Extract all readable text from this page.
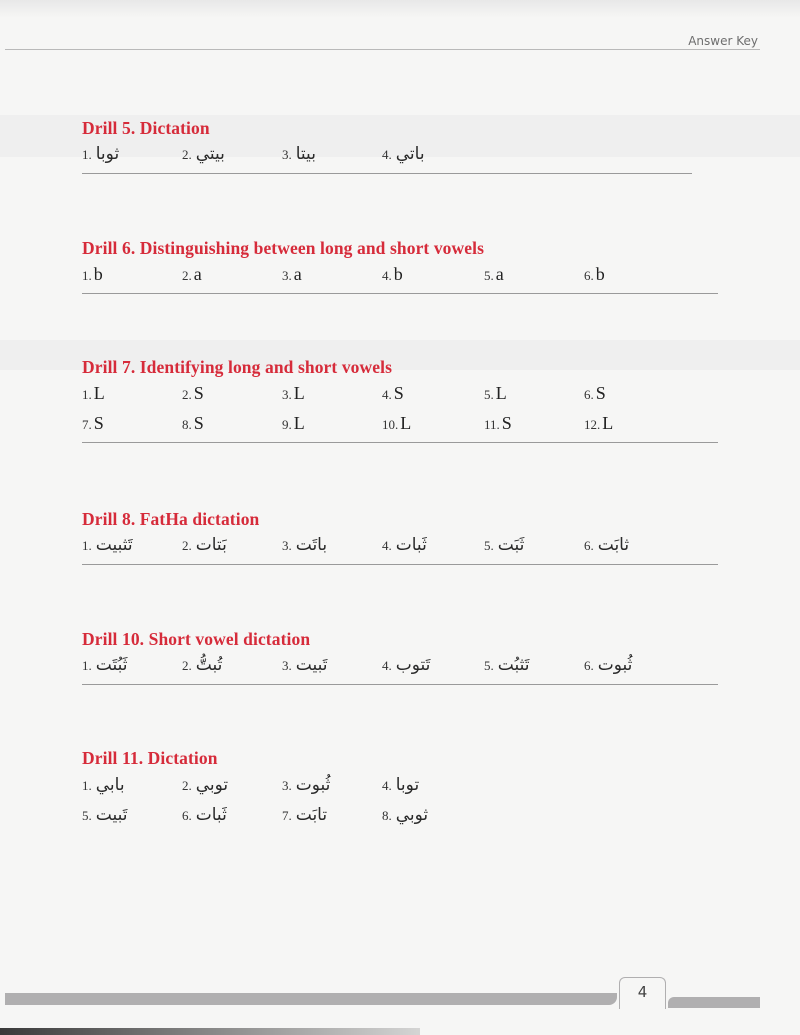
Answer Key
Drill 5. Dictation
1. ثوبا	2. بيتي	3. بيتا	4. باتي
Drill 6. Distinguishing between long and short vowels
1. b	2. a	3. a	4. b	5. a	6. b
Drill 7. Identifying long and short vowels
1. L	2. S	3. L	4. S	5. L	6. S
7. S	8. S	9. L	10. L	11. S	12. L
Drill 8. FatHa dictation
1. تَثبيت	2. بَتات	3. باتَت	4. ثَبات	5. ثَبَت	6. ثابَت
Drill 10. Short vowel dictation
1. ثَبُتَت	2. تُبتُّ	3. تَبيت	4. تَتوب	5. تَثبُت	6. ثُبوت
Drill 11. Dictation
1. بابي	2. توبي	3. ثُبوت	4. توبا
5. تَبيت	6. ثَبات	7. تابَت	8. ثوبي
4
